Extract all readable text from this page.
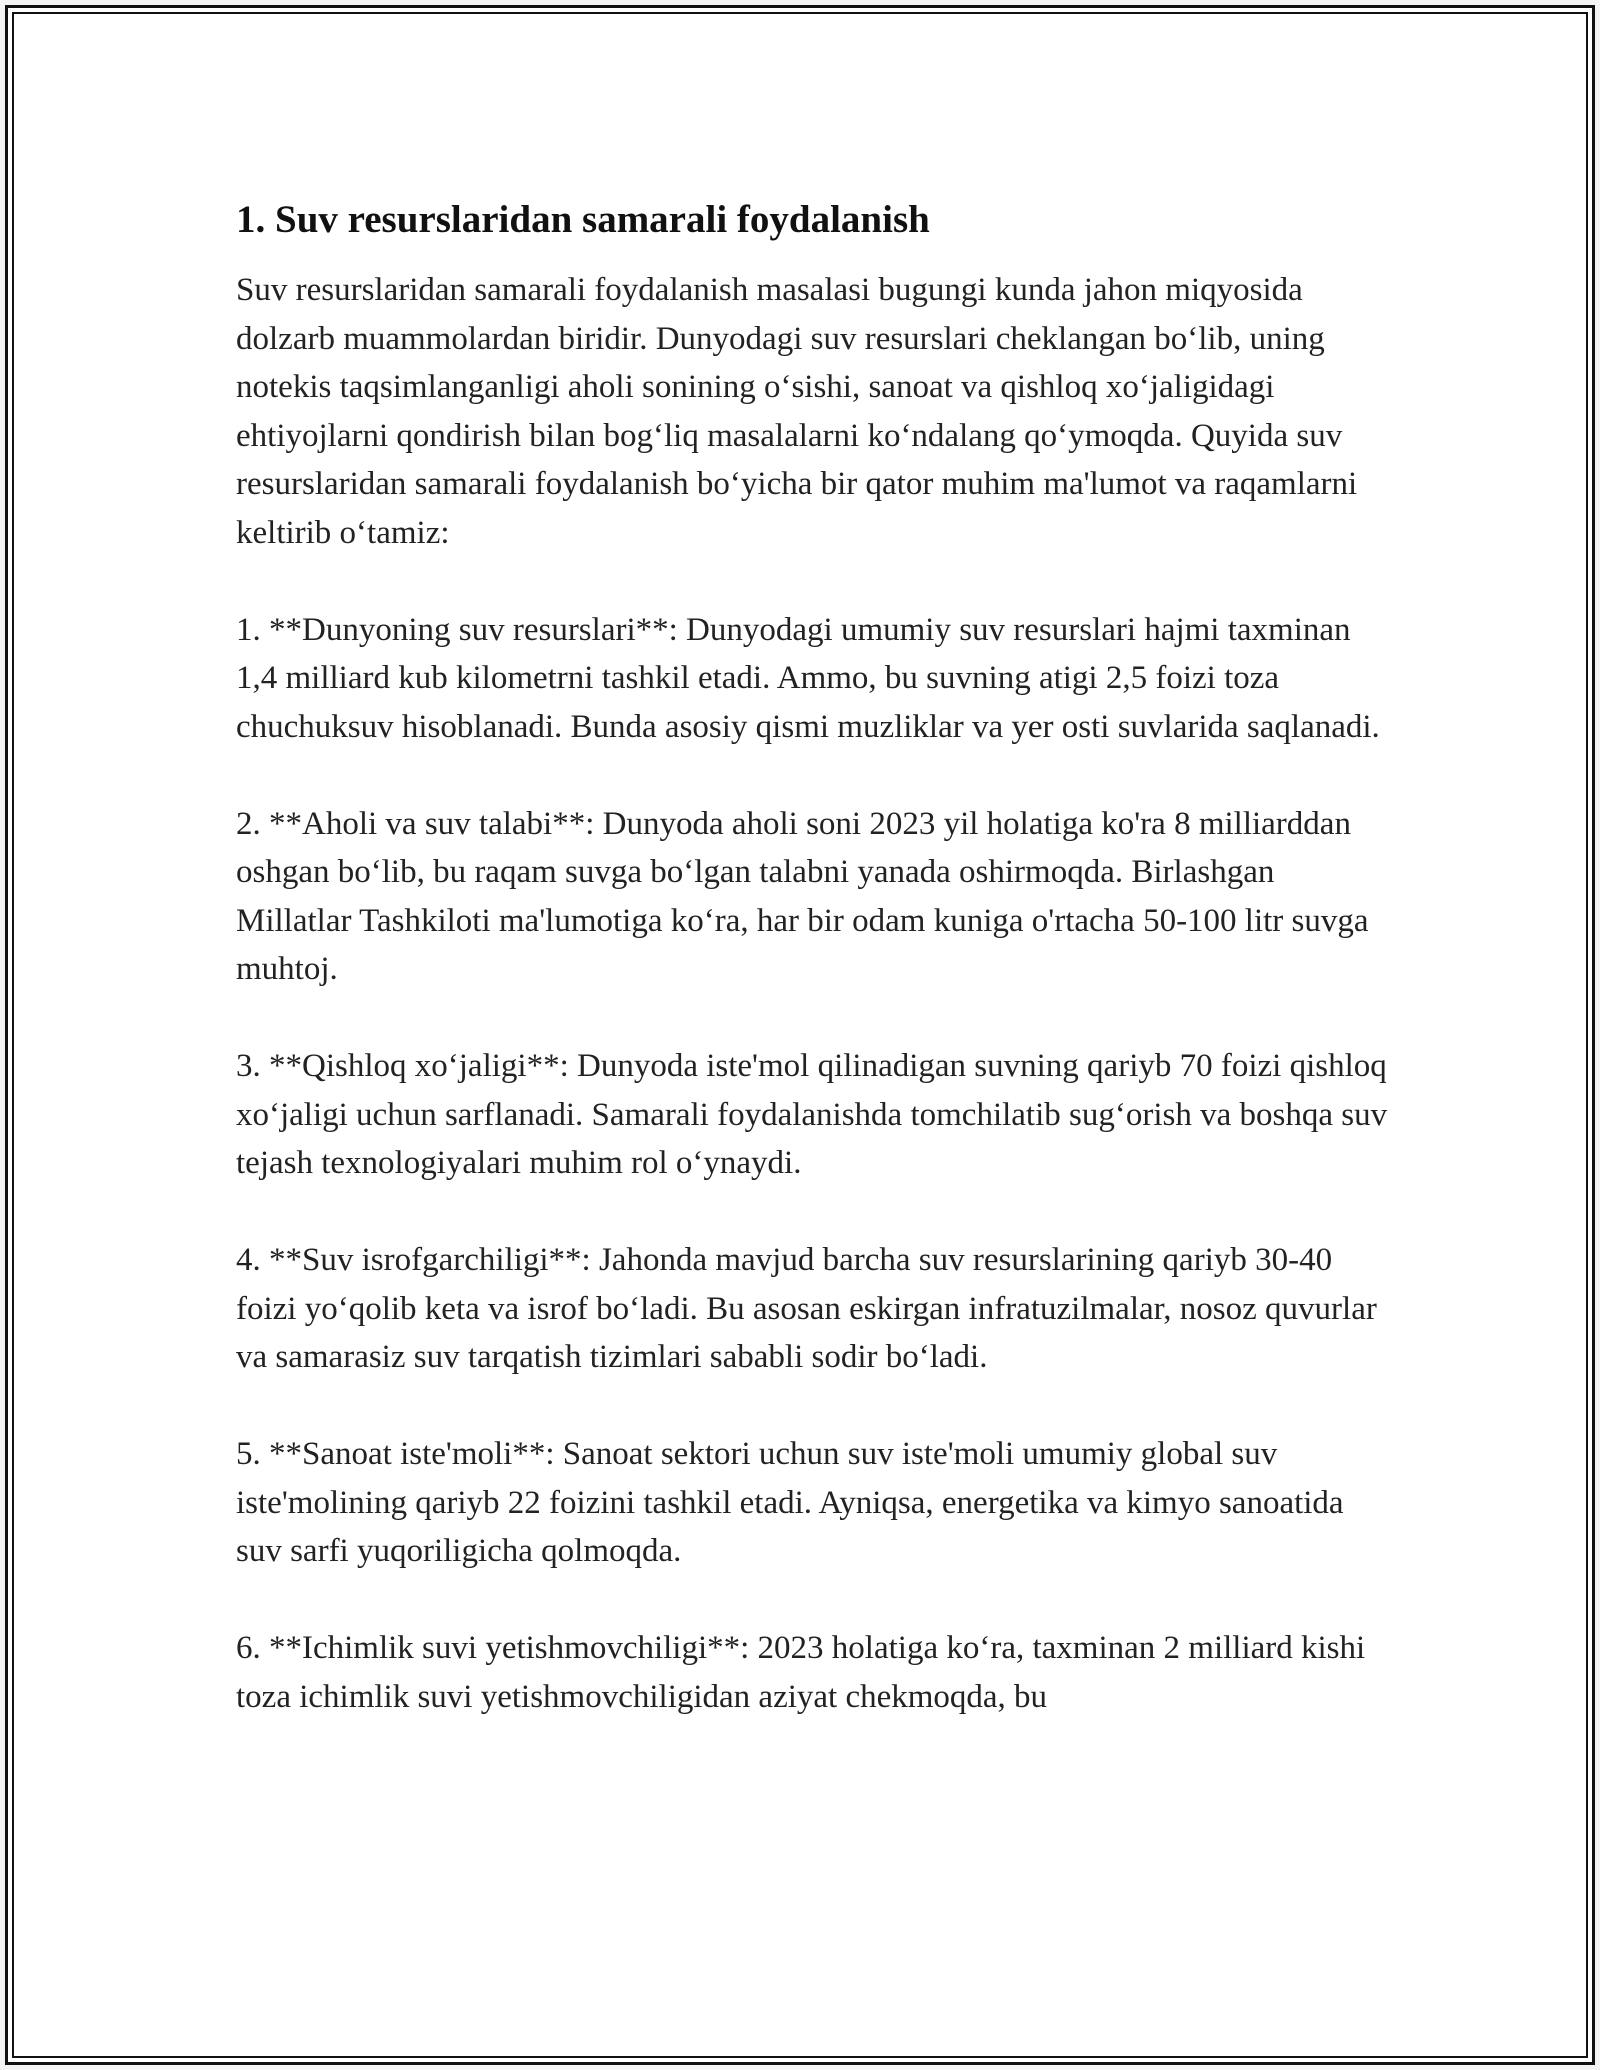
1. Suv resurslaridan samarali foydalanish

Suv resurslaridan samarali foydalanish masalasi bugungi kunda jahon miqyosida dolzarb muammolardan biridir. Dunyodagi suv resurslari cheklangan bo‘lib, uning notekis taqsimlanganligi aholi sonining o‘sishi, sanoat va qishloq xo‘jaligidagi ehtiyojlarni qondirish bilan bog‘liq masalalarni ko‘ndalang qo‘ymoqda. Quyida suv resurslaridan samarali foydalanish bo‘yicha bir qator muhim ma'lumot va raqamlarni keltirib o‘tamiz:

1. **Dunyoning suv resurslari**: Dunyodagi umumiy suv resurslari hajmi taxminan 1,4 milliard kub kilometrni tashkil etadi. Ammo, bu suvning atigi 2,5 foizi toza chuchuksuv hisoblanadi. Bunda asosiy qismi muzliklar va yer osti suvlarida saqlanadi.

2. **Aholi va suv talabi**: Dunyoda aholi soni 2023 yil holatiga ko'ra 8 milliarddan oshgan bo‘lib, bu raqam suvga bo‘lgan talabni yanada oshirmoqda. Birlashgan Millatlar Tashkiloti ma'lumotiga ko‘ra, har bir odam kuniga o'rtacha 50-100 litr suvga muhtoj.

3. **Qishloq xo‘jaligi**: Dunyoda iste'mol qilinadigan suvning qariyb 70 foizi qishloq xo‘jaligi uchun sarflanadi. Samarali foydalanishda tomchilatib sug‘orish va boshqa suv tejash texnologiyalari muhim rol o‘ynaydi.

4. **Suv isrofgarchiligi**: Jahonda mavjud barcha suv resurslarining qariyb 30-40 foizi yo‘qolib keta va isrof bo‘ladi. Bu asosan eskirgan infratuzilmalar, nosoz quvurlar va samarasiz suv tarqatish tizimlari sababli sodir bo‘ladi.

5. **Sanoat iste'moli**: Sanoat sektori uchun suv iste'moli umumiy global suv iste'molining qariyb 22 foizini tashkil etadi. Ayniqsa, energetika va kimyo sanoatida suv sarfi yuqoriligicha qolmoqda.

6. **Ichimlik suvi yetishmovchiligi**: 2023 holatiga ko‘ra, taxminan 2 milliard kishi toza ichimlik suvi yetishmovchiligidan aziyat chekmoqda, bu
